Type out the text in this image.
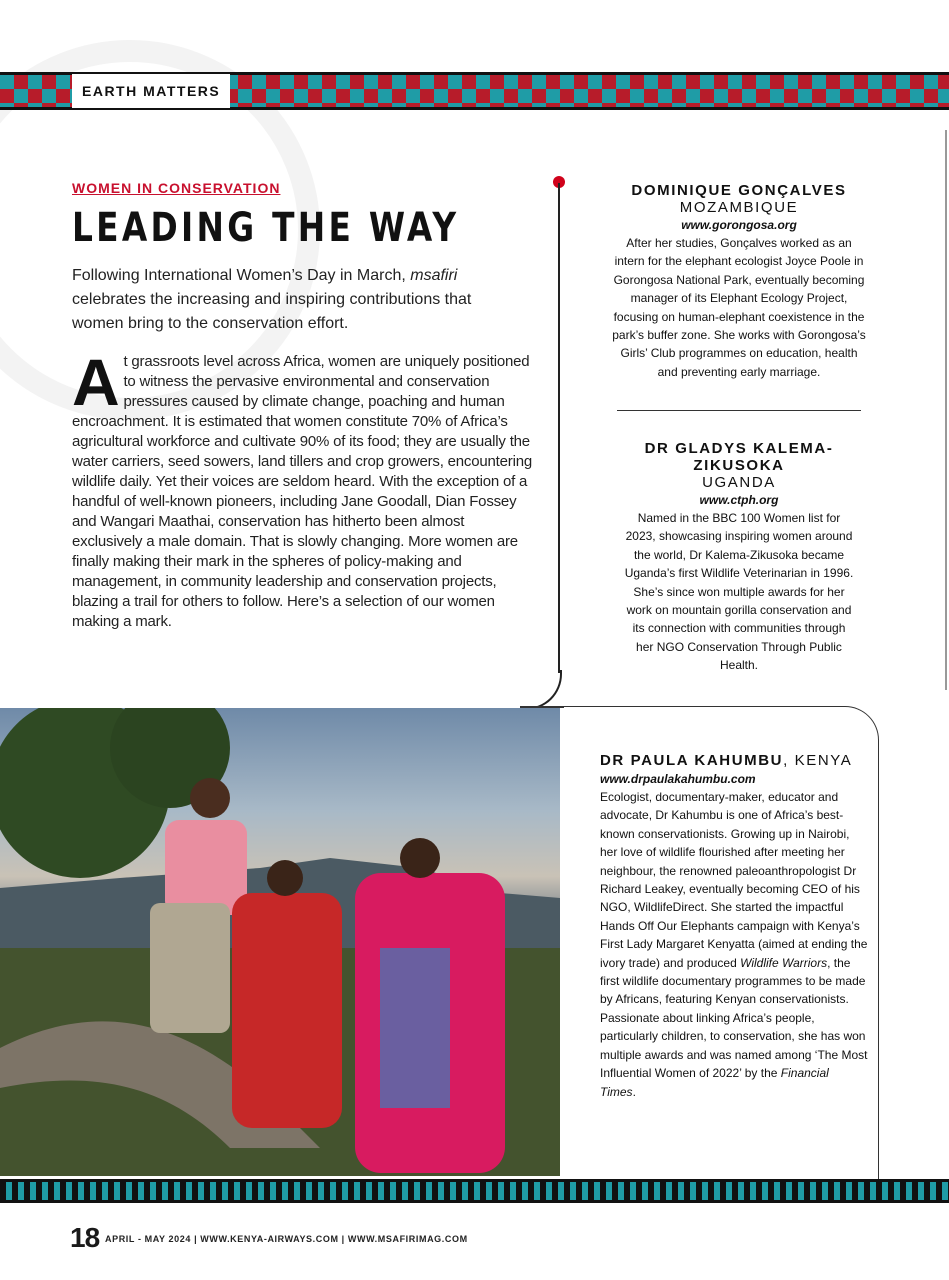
EARTH MATTERS
WOMEN IN CONSERVATION
LEADING THE WAY

Following International Women’s Day in March, msafiri celebrates the increasing and inspiring contributions that women bring to the conservation effort.

At grassroots level across Africa, women are uniquely positioned to witness the pervasive environmental and conservation pressures caused by climate change, poaching and human encroachment. It is estimated that women constitute 70% of Africa’s agricultural workforce and cultivate 90% of its food; they are usually the water carriers, seed sowers, land tillers and crop growers, encountering wildlife daily. Yet their voices are seldom heard. With the exception of a handful of well-known pioneers, including Jane Goodall, Dian Fossey and Wangari Maathai, conservation has hitherto been almost exclusively a male domain. That is slowly changing. More women are finally making their mark in the spheres of policy-making and management, in community leadership and conservation projects, blazing a trail for others to follow. Here’s a selection of our women making a mark.
DOMINIQUE GONÇALVES
MOZAMBIQUE
www.gorongosa.org
After her studies, Gonçalves worked as an intern for the elephant ecologist Joyce Poole in Gorongosa National Park, eventually becoming manager of its Elephant Ecology Project, focusing on human-elephant coexistence in the park’s buffer zone. She works with Gorongosa’s Girls’ Club programmes on education, health and preventing early marriage.
DR GLADYS KALEMA-ZIKUSOKA
UGANDA
www.ctph.org
Named in the BBC 100 Women list for 2023, showcasing inspiring women around the world, Dr Kalema-Zikusoka became Uganda’s first Wildlife Veterinarian in 1996. She’s since won multiple awards for her work on mountain gorilla conservation and its connection with communities through her NGO Conservation Through Public Health.
DR PAULA KAHUMBU, KENYA
www.drpaulakahumbu.com
Ecologist, documentary-maker, educator and advocate, Dr Kahumbu is one of Africa’s best-known conservationists. Growing up in Nairobi, her love of wildlife flourished after meeting her neighbour, the renowned paleoanthropologist Dr Richard Leakey, eventually becoming CEO of his NGO, WildlifeDirect. She started the impactful Hands Off Our Elephants campaign with Kenya’s First Lady Margaret Kenyatta (aimed at ending the ivory trade) and produced Wildlife Warriors, the first wildlife documentary programmes to be made by Africans, featuring Kenyan conservationists. Passionate about linking Africa’s people, particularly children, to conservation, she has won multiple awards and was named among ‘The Most Influential Women of 2022’ by the Financial Times.
18 APRIL - MAY 2024 | WWW.KENYA-AIRWAYS.COM | WWW.MSAFIRIMAG.COM
